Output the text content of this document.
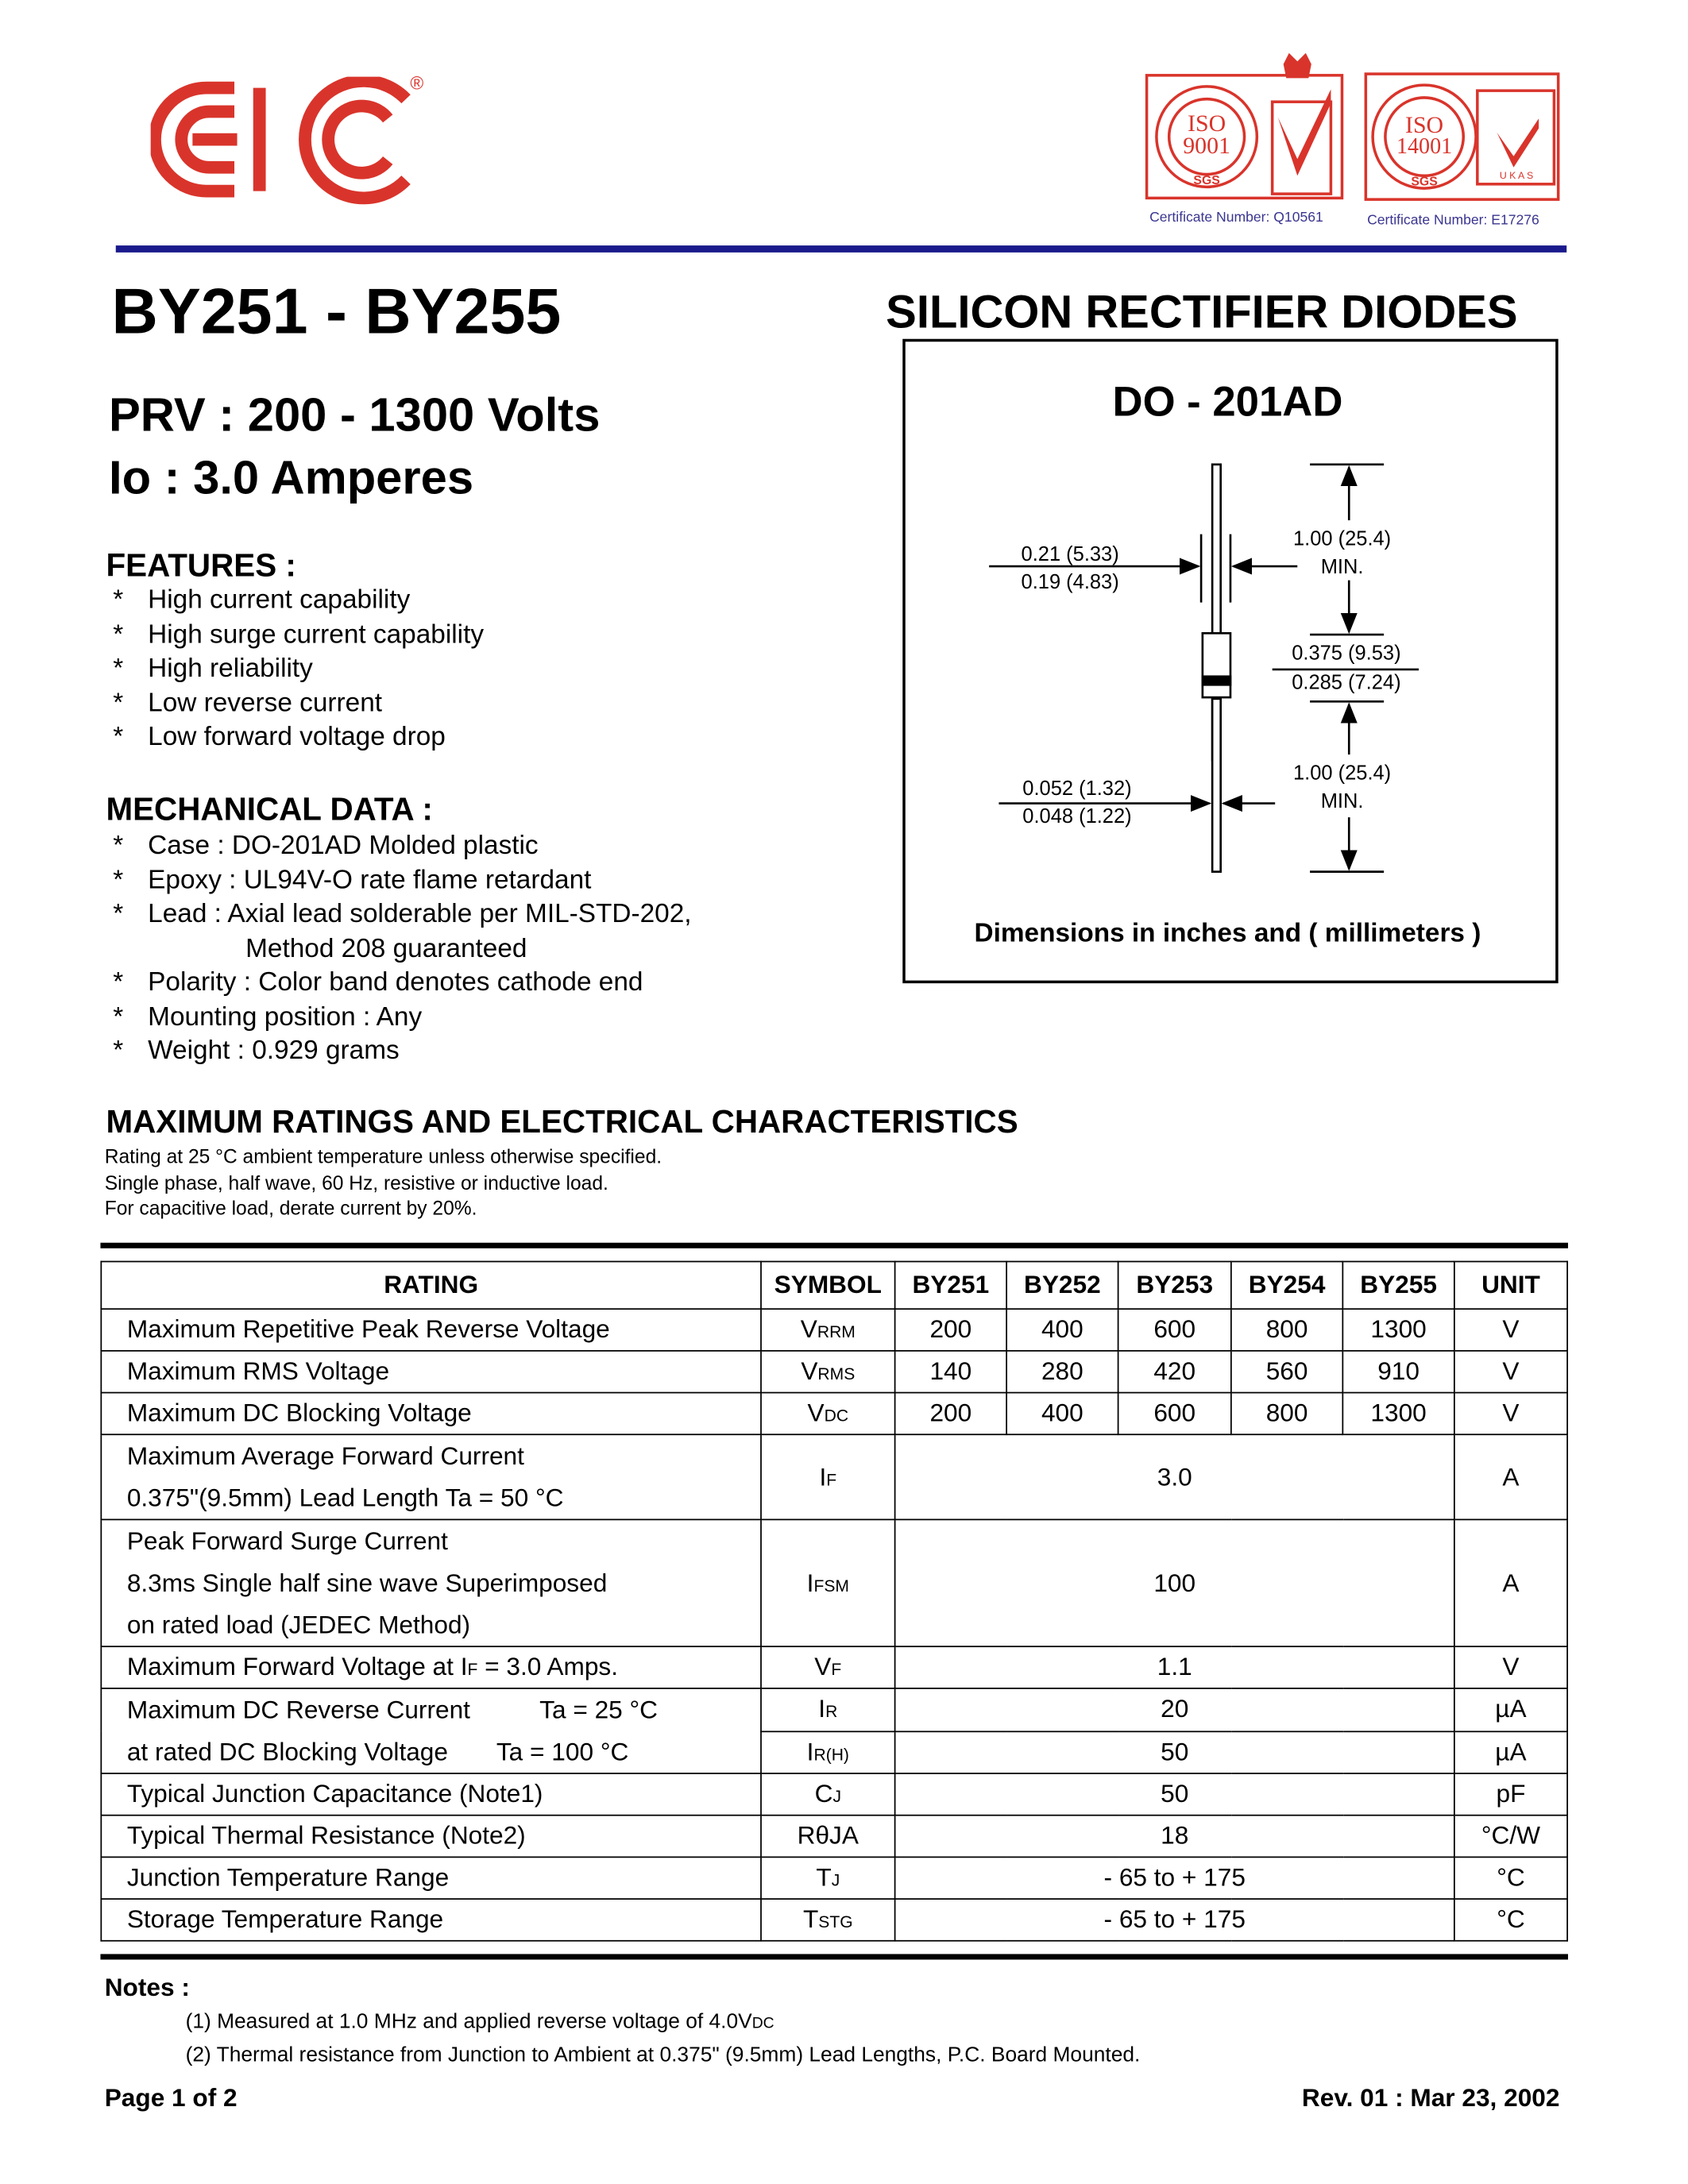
®
ISO
9001
SGS
ISO
14001
SGS	U K A S
Certificate Number: Q10561	Certificate Number: E17276
BY251 - BY255	SILICON RECTIFIER DIODES
PRV : 200 - 1300 Volts
Io : 3.0 Amperes
FEATURES :
* High current capability
* High surge current capability
* High reliability
* Low reverse current
* Low forward voltage drop
MECHANICAL DATA :
* Case : DO-201AD Molded plastic
* Epoxy : UL94V-O rate flame retardant
* Lead : Axial lead solderable per MIL-STD-202,
Method 208 guaranteed
* Polarity : Color band denotes cathode end
* Mounting position : Any
* Weight : 0.929 grams
DO - 201AD
0.21 (5.33)
0.19 (4.83)
1.00 (25.4)
MIN.
0.375 (9.53)
0.285 (7.24)
1.00 (25.4)
MIN.
0.052 (1.32)
0.048 (1.22)
Dimensions in inches and ( millimeters )
MAXIMUM RATINGS AND ELECTRICAL CHARACTERISTICS
Rating at 25 °C ambient temperature unless otherwise specified.
Single phase, half wave, 60 Hz, resistive or inductive load.
For capacitive load, derate current by 20%.
RATING	SYMBOL	BY251	BY252	BY253	BY254	BY255	UNIT
Maximum Repetitive Peak Reverse Voltage	VRRM	200	400	600	800	1300	V
Maximum RMS Voltage	VRMS	140	280	420	560	910	V
Maximum DC Blocking Voltage	VDC	200	400	600	800	1300	V

Maximum Average Forward Current
0.375"(9.5mm) Lead Length Ta = 50 °C	IF	3.0					A

Peak Forward Surge Current
8.3ms Single half sine wave Superimposed
on rated load (JEDEC Method)	IFSM	100					A
Maximum Forward Voltage at IF = 3.0 Amps.	VF	1.1					V

Maximum DC Reverse Current          Ta = 25 °C
at rated DC Blocking Voltage       Ta = 100 °C	IR	20					µA
	IR(H)	50					µA
Typical Junction Capacitance (Note1)	CJ	50					pF
Typical Thermal Resistance (Note2)	RθJA	18					°C/W
Junction Temperature Range	TJ	- 65 to + 175					°C
Storage Temperature Range	TSTG	- 65 to + 175					°C
Notes :
(1) Measured at 1.0 MHz and applied reverse voltage of 4.0VDC
(2) Thermal resistance from Junction to Ambient at 0.375" (9.5mm) Lead Lengths, P.C. Board Mounted.
Page 1 of 2	Rev. 01 : Mar 23, 2002
